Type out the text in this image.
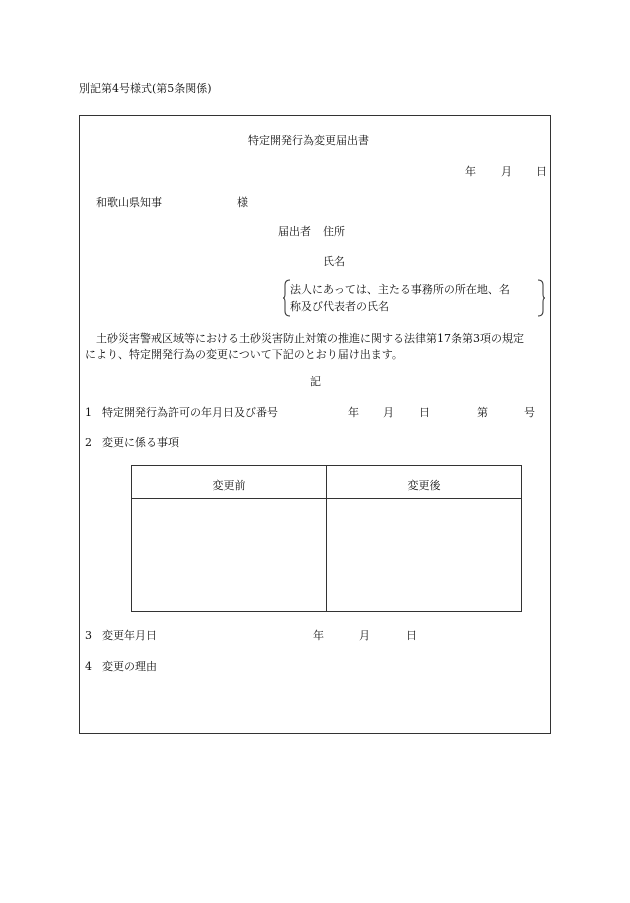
別記第4号様式(第5条関係)
特定開発行為変更届出書
年 月 日
和歌山県知事	様
届出者 住所
氏名
法人にあっては、主たる事務所の所在地、名
称及び代表者の氏名
土砂災害警戒区域等における土砂災害防止対策の推進に関する法律第17条第3項の規定
により、特定開発行為の変更について下記のとおり届け出ます。
記
1 特定開発行為許可の年月日及び番号	年 月 日	第	号
2 変更に係る事項
変更前	変更後
3 変更年月日	年	月	日
4 変更の理由
